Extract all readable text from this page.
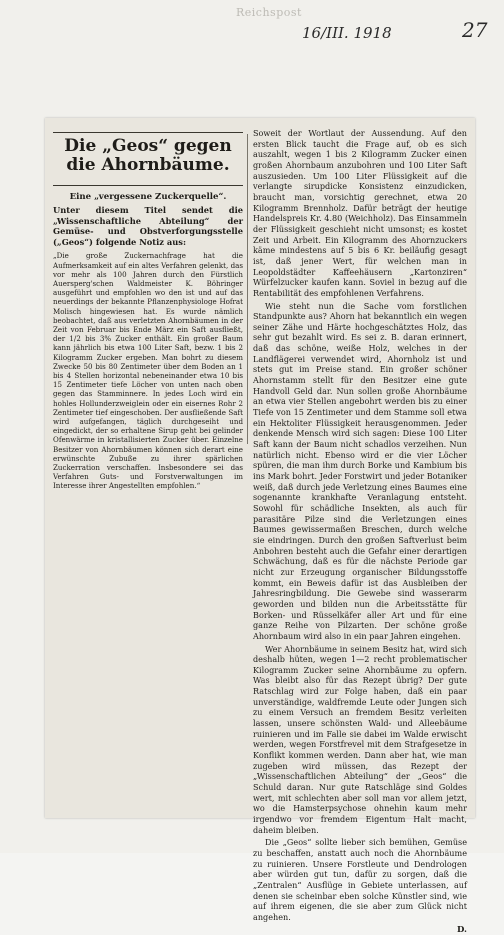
Reichspost
16/III. 1918	27
Die „Geos“ gegen die Ahornbäume.
Eine „vergessene Zuckerquelle“.

Unter diesem Titel sendet die „Wissenschaftliche Abteilung“ der Gemüse- und Obstverforgungsstelle („Geos“) folgende Notiz aus:

„Die große Zuckernachfrage hat die Aufmerksamkeit auf ein altes Verfahren gelenkt, das vor mehr als 100 Jahren durch den Fürstlich Auersperg'schen Waldmeister K. Böhringer ausgeführt und empfohlen wo den ist und auf das neuerdings der bekannte Pflanzenphysiologe Hofrat Molisch hingewiesen hat. Es wurde nämlich beobachtet, daß aus verletzten Ahornbäumen in der Zeit von Februar bis Ende März ein Saft ausfließt, der 1/2 bis 3% Zucker enthält. Ein großer Baum kann jährlich bis etwa 100 Liter Saft, bezw. 1 bis 2 Kilogramm Zucker ergeben. Man bohrt zu diesem Zwecke 50 bis 80 Zentimeter über dem Boden an 1 bis 4 Stellen horizontal nebeneinander etwa 10 bis 15 Zentimeter tiefe Löcher von unten nach oben gegen das Stamminnere. In jedes Loch wird ein hohles Hollunderzweiglein oder ein eisernes Rohr 2 Zentimeter tief eingeschoben. Der ausfließende Saft wird aufgefangen, täglich durchgeseiht und eingedickt, der so erhaltene Sirup geht bei gelinder Ofenwärme in kristallisierten Zucker über. Einzelne Besitzer von Ahornbäumen können sich derart eine erwünschte Zubuße zu ihrer spärlichen Zuckerration verschaffen. Insbesondere sei das Verfahren Guts- und Forstverwaltungen im Interesse ihrer Angestellten empfohlen.“

Soweit der Wortlaut der Aussendung. Auf den ersten Blick taucht die Frage auf, ob es sich auszahlt, wegen 1 bis 2 Kilogramm Zucker einen großen Ahornbaum anzubohren und 100 Liter Saft auszusieden. Um 100 Liter Flüssigkeit auf die verlangte sirupdicke Konsistenz einzudicken, braucht man, vorsichtig gerechnet, etwa 20 Kilogramm Brennholz. Dafür beträgt der heutige Handelspreis Kr. 4.80 (Weichholz). Das Einsammeln der Flüssigkeit geschieht nicht umsonst; es kostet Zeit und Arbeit. Ein Kilogramm des Ahornzuckers käme mindestens auf 5 bis 6 Kr. beiläufig gesagt ist, daß jener Wert, für welchen man in Leopoldstädter Kaffeehäusern „Kartonziren“ Würfelzucker kaufen kann. Soviel in bezug auf die Rentabilität des empfohlenen Verfahrens.

Wie steht nun die Sache vom forstlichen Standpunkte aus? Ahorn hat bekanntlich ein wegen seiner Zähe und Härte hochgeschätztes Holz, das sehr gut bezahlt wird. Es sei z. B. daran erinnert, daß das schöne, weiße Holz, welches in der Landflägerei verwendet wird, Ahornholz ist und stets gut im Preise stand. Ein großer schöner Ahornstamm stellt für den Besitzer eine gute Handvoll Geld dar. Nun sollen große Ahornbäume an etwa vier Stellen angebohrt werden bis zu einer Tiefe von 15 Zentimeter und dem Stamme soll etwa ein Hektoliter Flüssigkeit herausgenommen. Jeder denkende Mensch wird sich sagen: Diese 100 Liter Saft kann der Baum nicht schadlos verzeihen. Nun natürlich nicht. Ebenso wird er die vier Löcher spüren, die man ihm durch Borke und Kambium bis ins Mark bohrt. Jeder Forstwirt und jeder Botaniker weiß, daß durch jede Verletzung eines Baumes eine sogenannte krankhafte Veranlagung entsteht. Sowohl für schädliche Insekten, als auch für parasitäre Pilze sind die Verletzungen eines Baumes gewissermaßen Breschen, durch welche sie eindringen. Durch den großen Saftverlust beim Anbohren besteht auch die Gefahr einer derartigen Schwächung, daß es für die nächste Periode gar nicht zur Erzeugung organischer Bildungsstoffe kommt, ein Beweis dafür ist das Ausbleiben der Jahresringbildung. Die Gewebe sind wasserarm geworden und bilden nun die Arbeitsstätte für Borken- und Rüsselkäfer aller Art und für eine ganze Reihe von Pilzarten. Der schöne große Ahornbaum wird also in ein paar Jahren eingehen.

Wer Ahornbäume in seinem Besitz hat, wird sich deshalb hüten, wegen 1—2 recht problematischer Kilogramm Zucker seine Ahornbäume zu opfern. Was bleibt also für das Rezept übrig? Der gute Ratschlag wird zur Folge haben, daß ein paar unverständige, waldfremde Leute oder Jungen sich zu einem Versuch an fremdem Besitz verleiten lassen, unsere schönsten Wald- und Alleebäume ruinieren und im Falle sie dabei im Walde erwischt werden, wegen Forstfrevel mit dem Strafgesetze in Konflikt kommen werden. Dann aber hat, wie man zugeben wird müssen, das Rezept der „Wissenschaftlichen Abteilung“ der „Geos“ die Schuld daran. Nur gute Ratschläge sind Goldes wert, mit schlechten aber soll man vor allem jetzt, wo die Hamsterpsychose ohnehin kaum mehr irgendwo vor fremdem Eigentum Halt macht, daheim bleiben.

Die „Geos“ sollte lieber sich bemühen, Gemüse zu beschaffen, anstatt auch noch die Ahornbäume zu ruinieren. Unsere Forstleute und Dendrologen aber würden gut tun, dafür zu sorgen, daß die „Zentralen“ Ausflüge in Gebiete unterlassen, auf denen sie scheinbar eben solche Künstler sind, wie auf ihrem eigenen, die sie aber zum Glück nicht angehen.

D.
